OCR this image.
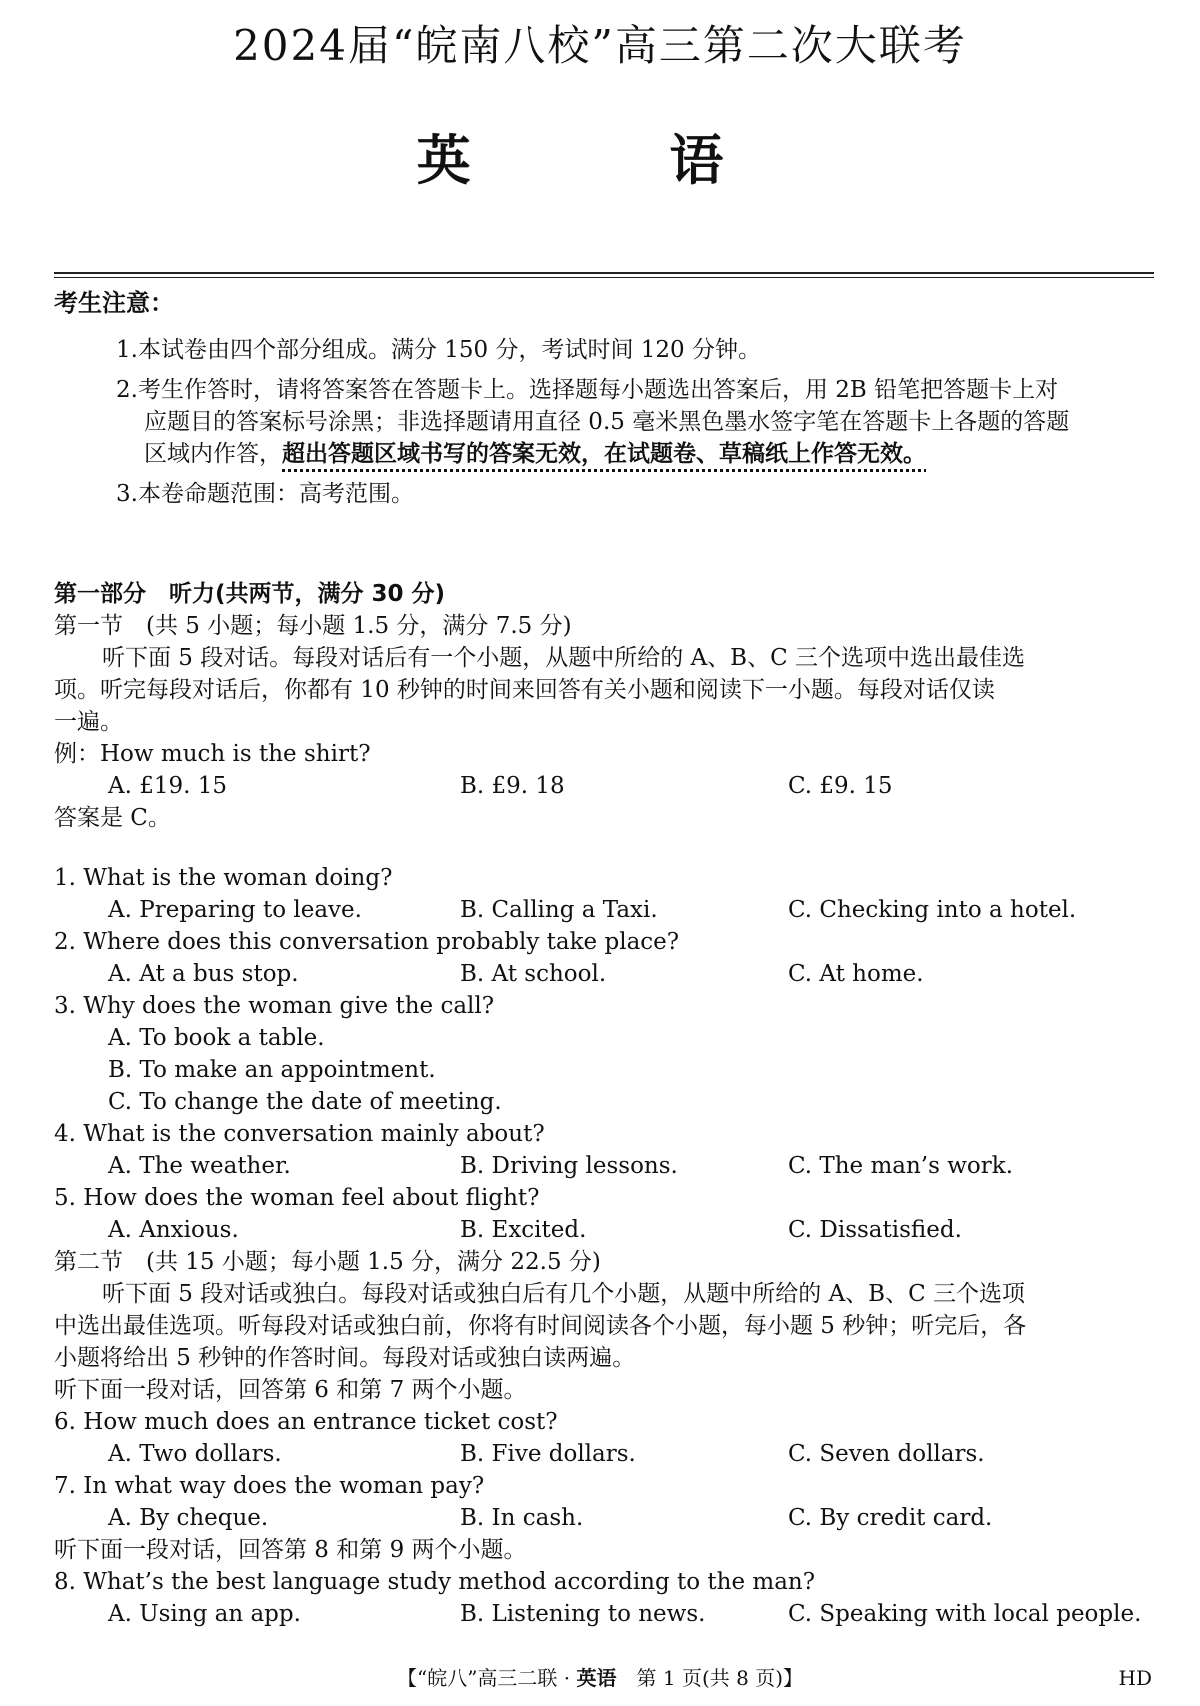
2024届“皖南八校”高三第二次大联考
英 语
考生注意：
1.本试卷由四个部分组成。满分 150 分，考试时间 120 分钟。
2.考生作答时，请将答案答在答题卡上。选择题每小题选出答案后，用 2B 铅笔把答题卡上对
应题目的答案标号涂黑；非选择题请用直径 0.5 毫米黑色墨水签字笔在答题卡上各题的答题
区域内作答，超出答题区域书写的答案无效，在试题卷、草稿纸上作答无效。
3.本卷命题范围：高考范围。
第一部分　听力(共两节，满分 30 分)
第一节　(共 5 小题；每小题 1.5 分，满分 7.5 分)
听下面 5 段对话。每段对话后有一个小题，从题中所给的 A、B、C 三个选项中选出最佳选
项。听完每段对话后，你都有 10 秒钟的时间来回答有关小题和阅读下一小题。每段对话仅读
一遍。
例：How much is the shirt?
A. £19. 15	B. £9. 18	C. £9. 15
答案是 C。
1. What is the woman doing?
A. Preparing to leave.	B. Calling a Taxi.	C. Checking into a hotel.
2. Where does this conversation probably take place?
A. At a bus stop.	B. At school.	C. At home.
3. Why does the woman give the call?
A. To book a table.
B. To make an appointment.
C. To change the date of meeting.
4. What is the conversation mainly about?
A. The weather.	B. Driving lessons.	C. The man’s work.
5. How does the woman feel about flight?
A. Anxious.	B. Excited.	C. Dissatisfied.
第二节　(共 15 小题；每小题 1.5 分，满分 22.5 分)
听下面 5 段对话或独白。每段对话或独白后有几个小题，从题中所给的 A、B、C 三个选项
中选出最佳选项。听每段对话或独白前，你将有时间阅读各个小题，每小题 5 秒钟；听完后，各
小题将给出 5 秒钟的作答时间。每段对话或独白读两遍。
听下面一段对话，回答第 6 和第 7 两个小题。
6. How much does an entrance ticket cost?
A. Two dollars.	B. Five dollars.	C. Seven dollars.
7. In what way does the woman pay?
A. By cheque.	B. In cash.	C. By credit card.
听下面一段对话，回答第 8 和第 9 两个小题。
8. What’s the best language study method according to the man?
A. Using an app.	B. Listening to news.	C. Speaking with local people.
【“皖八”高三二联 · 英语　第 1 页(共 8 页)】	HD
